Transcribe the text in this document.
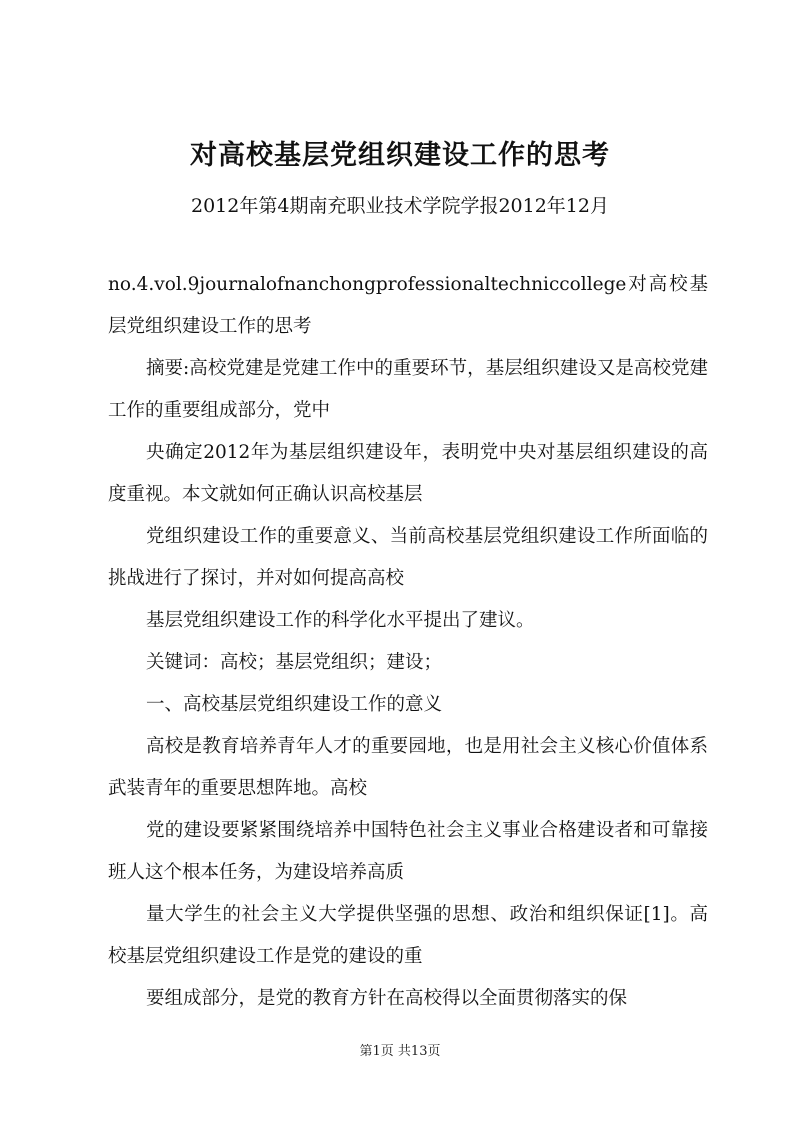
对高校基层党组织建设工作的思考
2012年第4期南充职业技术学院学报2012年12月

no.4.vol.9journalofnanchongprofessionaltechniccollege对高校基层党组织建设工作的思考

摘要:高校党建是党建工作中的重要环节，基层组织建设又是高校党建工作的重要组成部分，党中

央确定2012年为基层组织建设年，表明党中央对基层组织建设的高度重视。本文就如何正确认识高校基层

党组织建设工作的重要意义、当前高校基层党组织建设工作所面临的挑战进行了探讨，并对如何提高高校

基层党组织建设工作的科学化水平提出了建议。

关键词：高校；基层党组织；建设；

一、高校基层党组织建设工作的意义

高校是教育培养青年人才的重要园地，也是用社会主义核心价值体系武装青年的重要思想阵地。高校

党的建设要紧紧围绕培养中国特色社会主义事业合格建设者和可靠接班人这个根本任务，为建设培养高质

量大学生的社会主义大学提供坚强的思想、政治和组织保证[1]。高校基层党组织建设工作是党的建设的重

要组成部分，是党的教育方针在高校得以全面贯彻落实的保

第1页 共13页
